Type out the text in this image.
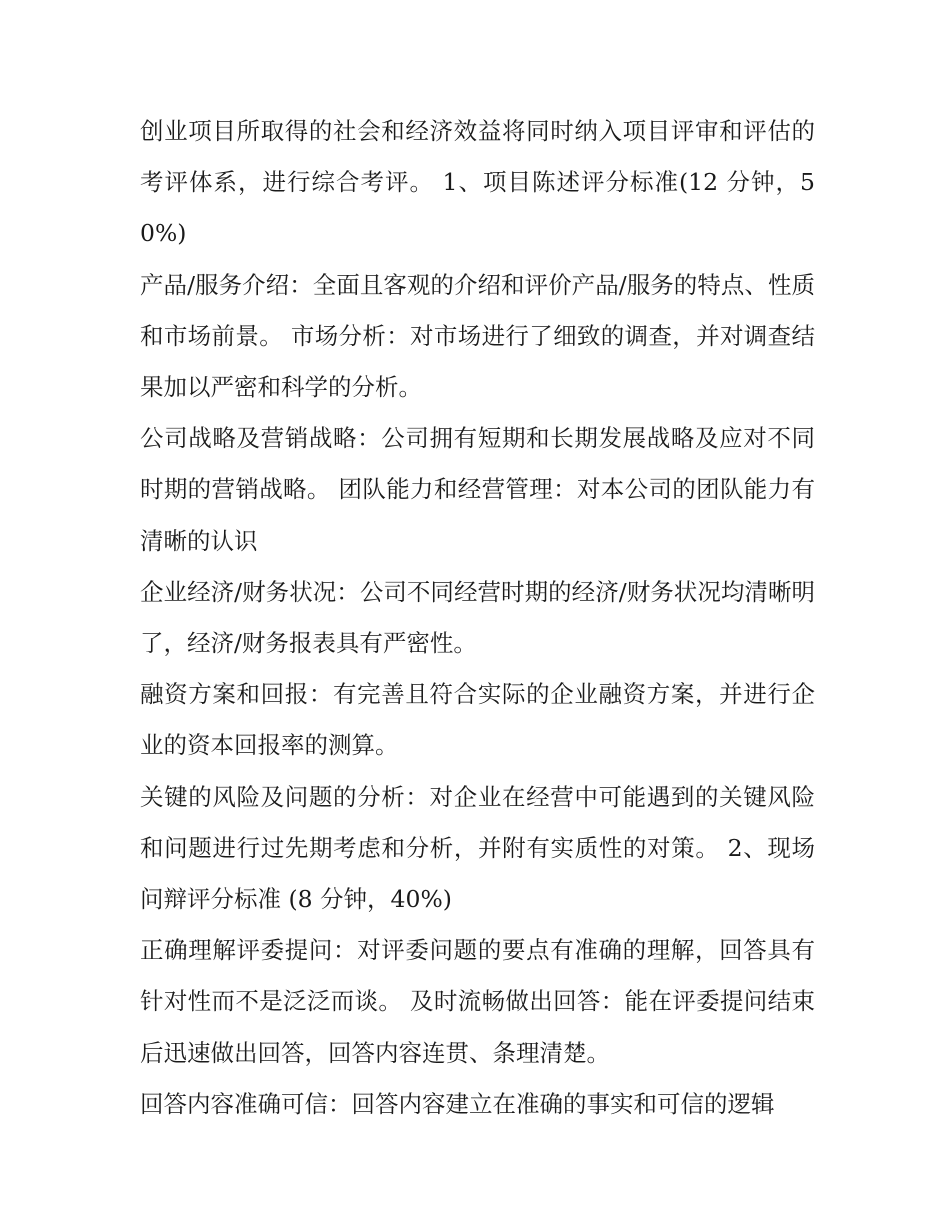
创业项目所取得的社会和经济效益将同时纳入项目评审和评估的考评体系，进行综合考评。 1、项目陈述评分标准(12 分钟，50%)

产品/服务介绍：全面且客观的介绍和评价产品/服务的特点、性质和市场前景。 市场分析：对市场进行了细致的调查，并对调查结果加以严密和科学的分析。

公司战略及营销战略：公司拥有短期和长期发展战略及应对不同时期的营销战略。 团队能力和经营管理：对本公司的团队能力有清晰的认识

企业经济/财务状况：公司不同经营时期的经济/财务状况均清晰明了，经济/财务报表具有严密性。

融资方案和回报：有完善且符合实际的企业融资方案，并进行企业的资本回报率的测算。

关键的风险及问题的分析：对企业在经营中可能遇到的关键风险和问题进行过先期考虑和分析，并附有实质性的对策。 2、现场问辩评分标准 (8 分钟，40%)

正确理解评委提问：对评委问题的要点有准确的理解，回答具有针对性而不是泛泛而谈。 及时流畅做出回答：能在评委提问结束后迅速做出回答，回答内容连贯、条理清楚。

回答内容准确可信：回答内容建立在准确的事实和可信的逻辑
